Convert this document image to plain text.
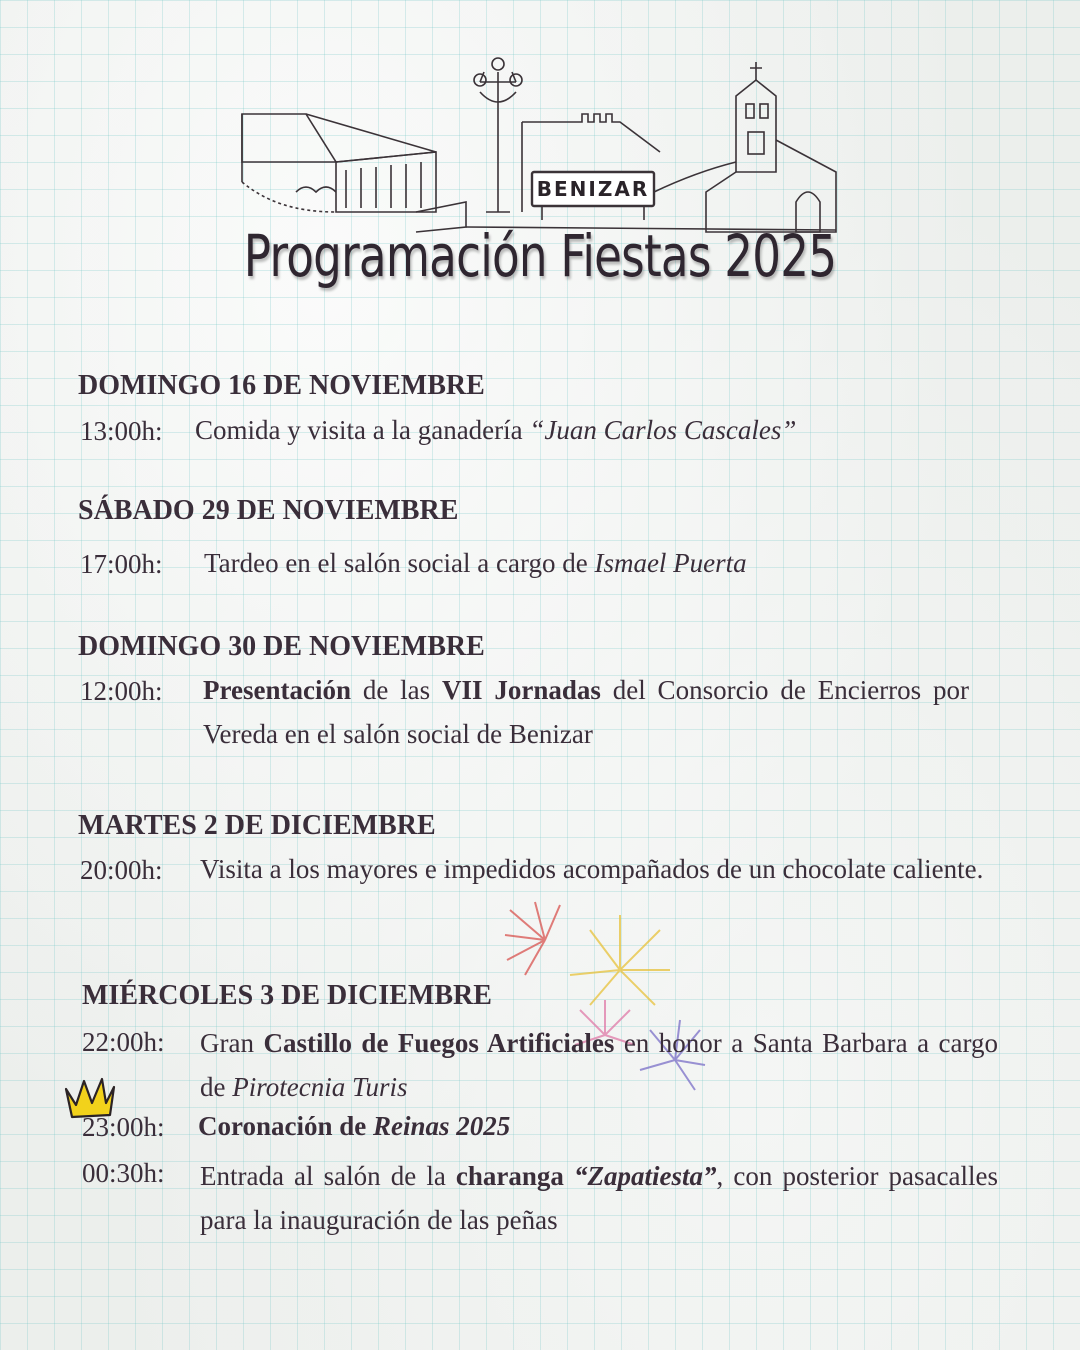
BENIZAR
Programación Fiestas 2025
DOMINGO 16 DE NOVIEMBRE
13:00h: Comida y visita a la ganadería “Juan Carlos Cascales”
SÁBADO 29 DE NOVIEMBRE
17:00h: Tardeo en el salón social a cargo de Ismael Puerta
DOMINGO 30 DE NOVIEMBRE
12:00h: Presentación de las VII Jornadas del Consorcio de Encierros por Vereda en el salón social de Benizar
MARTES 2 DE DICIEMBRE
20:00h: Visita a los mayores e impedidos acompañados de un chocolate caliente.
MIÉRCOLES 3 DE DICIEMBRE
22:00h: Gran Castillo de Fuegos Artificiales en honor a Santa Barbara a cargo de Pirotecnia Turis
23:00h: Coronación de Reinas 2025
00:30h: Entrada al salón de la charanga “Zapatiesta”, con posterior pasacalles para la inauguración de las peñas
